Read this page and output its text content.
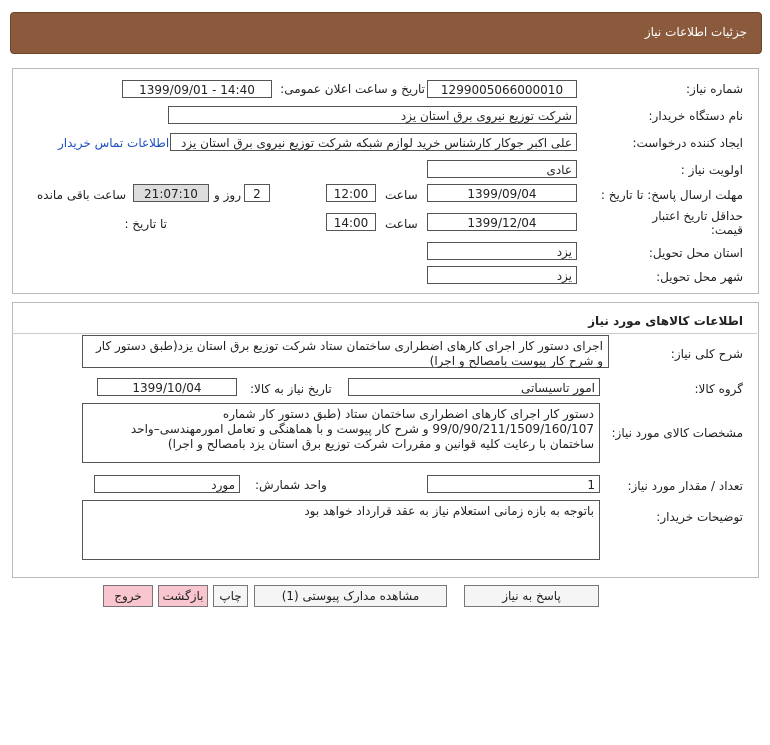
جزئیات اطلاعات نیاز
شماره نیاز:
1299005066000010
تاریخ و ساعت اعلان عمومی:
1399/09/01 - 14:40
نام دستگاه خریدار:
شرکت توزیع نیروی برق استان یزد
ایجاد کننده درخواست:
علی اکبر جوکار کارشناس خرید لوازم شبکه شرکت توزیع نیروی برق استان یزد
اطلاعات تماس خریدار
اولویت نیاز :
عادی
مهلت ارسال پاسخ: تا تاریخ :
1399/09/04
ساعت
12:00
2
روز و
21:07:10
ساعت باقی مانده
حداقل تاریخ اعتبار
قیمت:
تا تاریخ :	1399/12/04
ساعت
14:00
استان محل تحویل:
یزد
شهر محل تحویل:
یزد
اطلاعات کالاهای مورد نیاز
شرح کلی نیاز:
اجرای دستور کار اجرای کارهای اضطراری ساختمان ستاد شرکت توزیع برق استان یزد(طبق دستور کار و شرح کار پیوست بامصالح و اجرا)
گروه کالا:
امور تاسیساتی
تاریخ نیاز به کالا:
1399/10/04
مشخصات کالای مورد نیاز:
دستور کار اجرای کارهای اضطراری ساختمان ستاد (طبق دستور کار شماره 99/0/90/211/1509/160/107 و شرح کار پیوست و با هماهنگی و تعامل امورمهندسی–واحد ساختمان با رعایت کلیه قوانین و مقررات شرکت توزیع برق استان یزد بامصالح و اجرا)
تعداد / مقدار مورد نیاز:
1
واحد شمارش:
مورد
توضیحات خریدار:
باتوجه به بازه زمانی استعلام نیاز به عقد قرارداد خواهد بود
پاسخ به نیاز
مشاهده مدارک پیوستی (1)
چاپ
بازگشت
خروج
